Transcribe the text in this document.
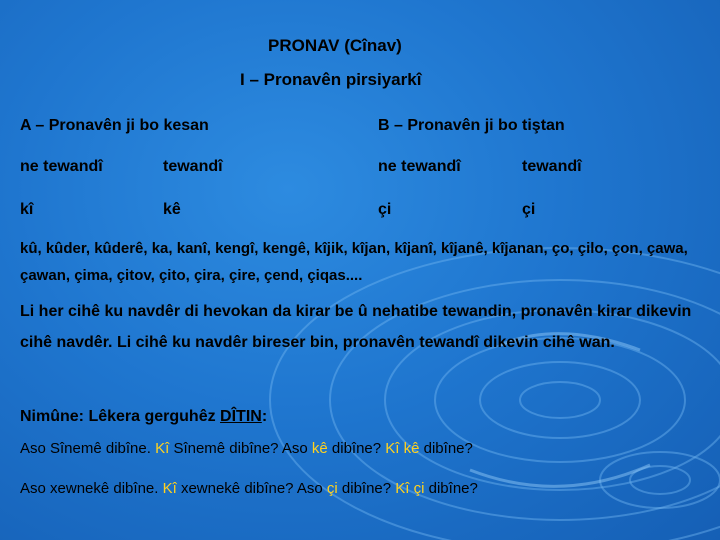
PRONAV (Cînav)
I – Pronavên pirsiyarkî
A – Pronavên ji bo kesan	B – Pronavên ji bo tiştan
ne tewandî	tewandî	ne tewandî	tewandî
kî	kê	çi	çi
kû, kûder, kûderê, ka, kanî, kengî, kengê, kîjik, kîjan, kîjanî, kîjanê, kîjanan, ço, çilo, çon, çawa, çawan, çima, çitov, çito, çira, çire, çend, çiqas....
Li her cihê ku navdêr di hevokan da kirar be û nehatibe tewandin, pronavên kirar dikevin cihê navdêr. Li cihê ku navdêr bireser bin, pronavên tewandî dikevin cihê wan.
Nimûne: Lêkera gerguhêz DÎTIN:
Aso Sînemê dibîne. Kî Sînemê dibîne? Aso kê dibîne? Kî kê dibîne?
Aso xewnekê dibîne. Kî xewnekê dibîne? Aso çi dibîne? Kî çi dibîne?
